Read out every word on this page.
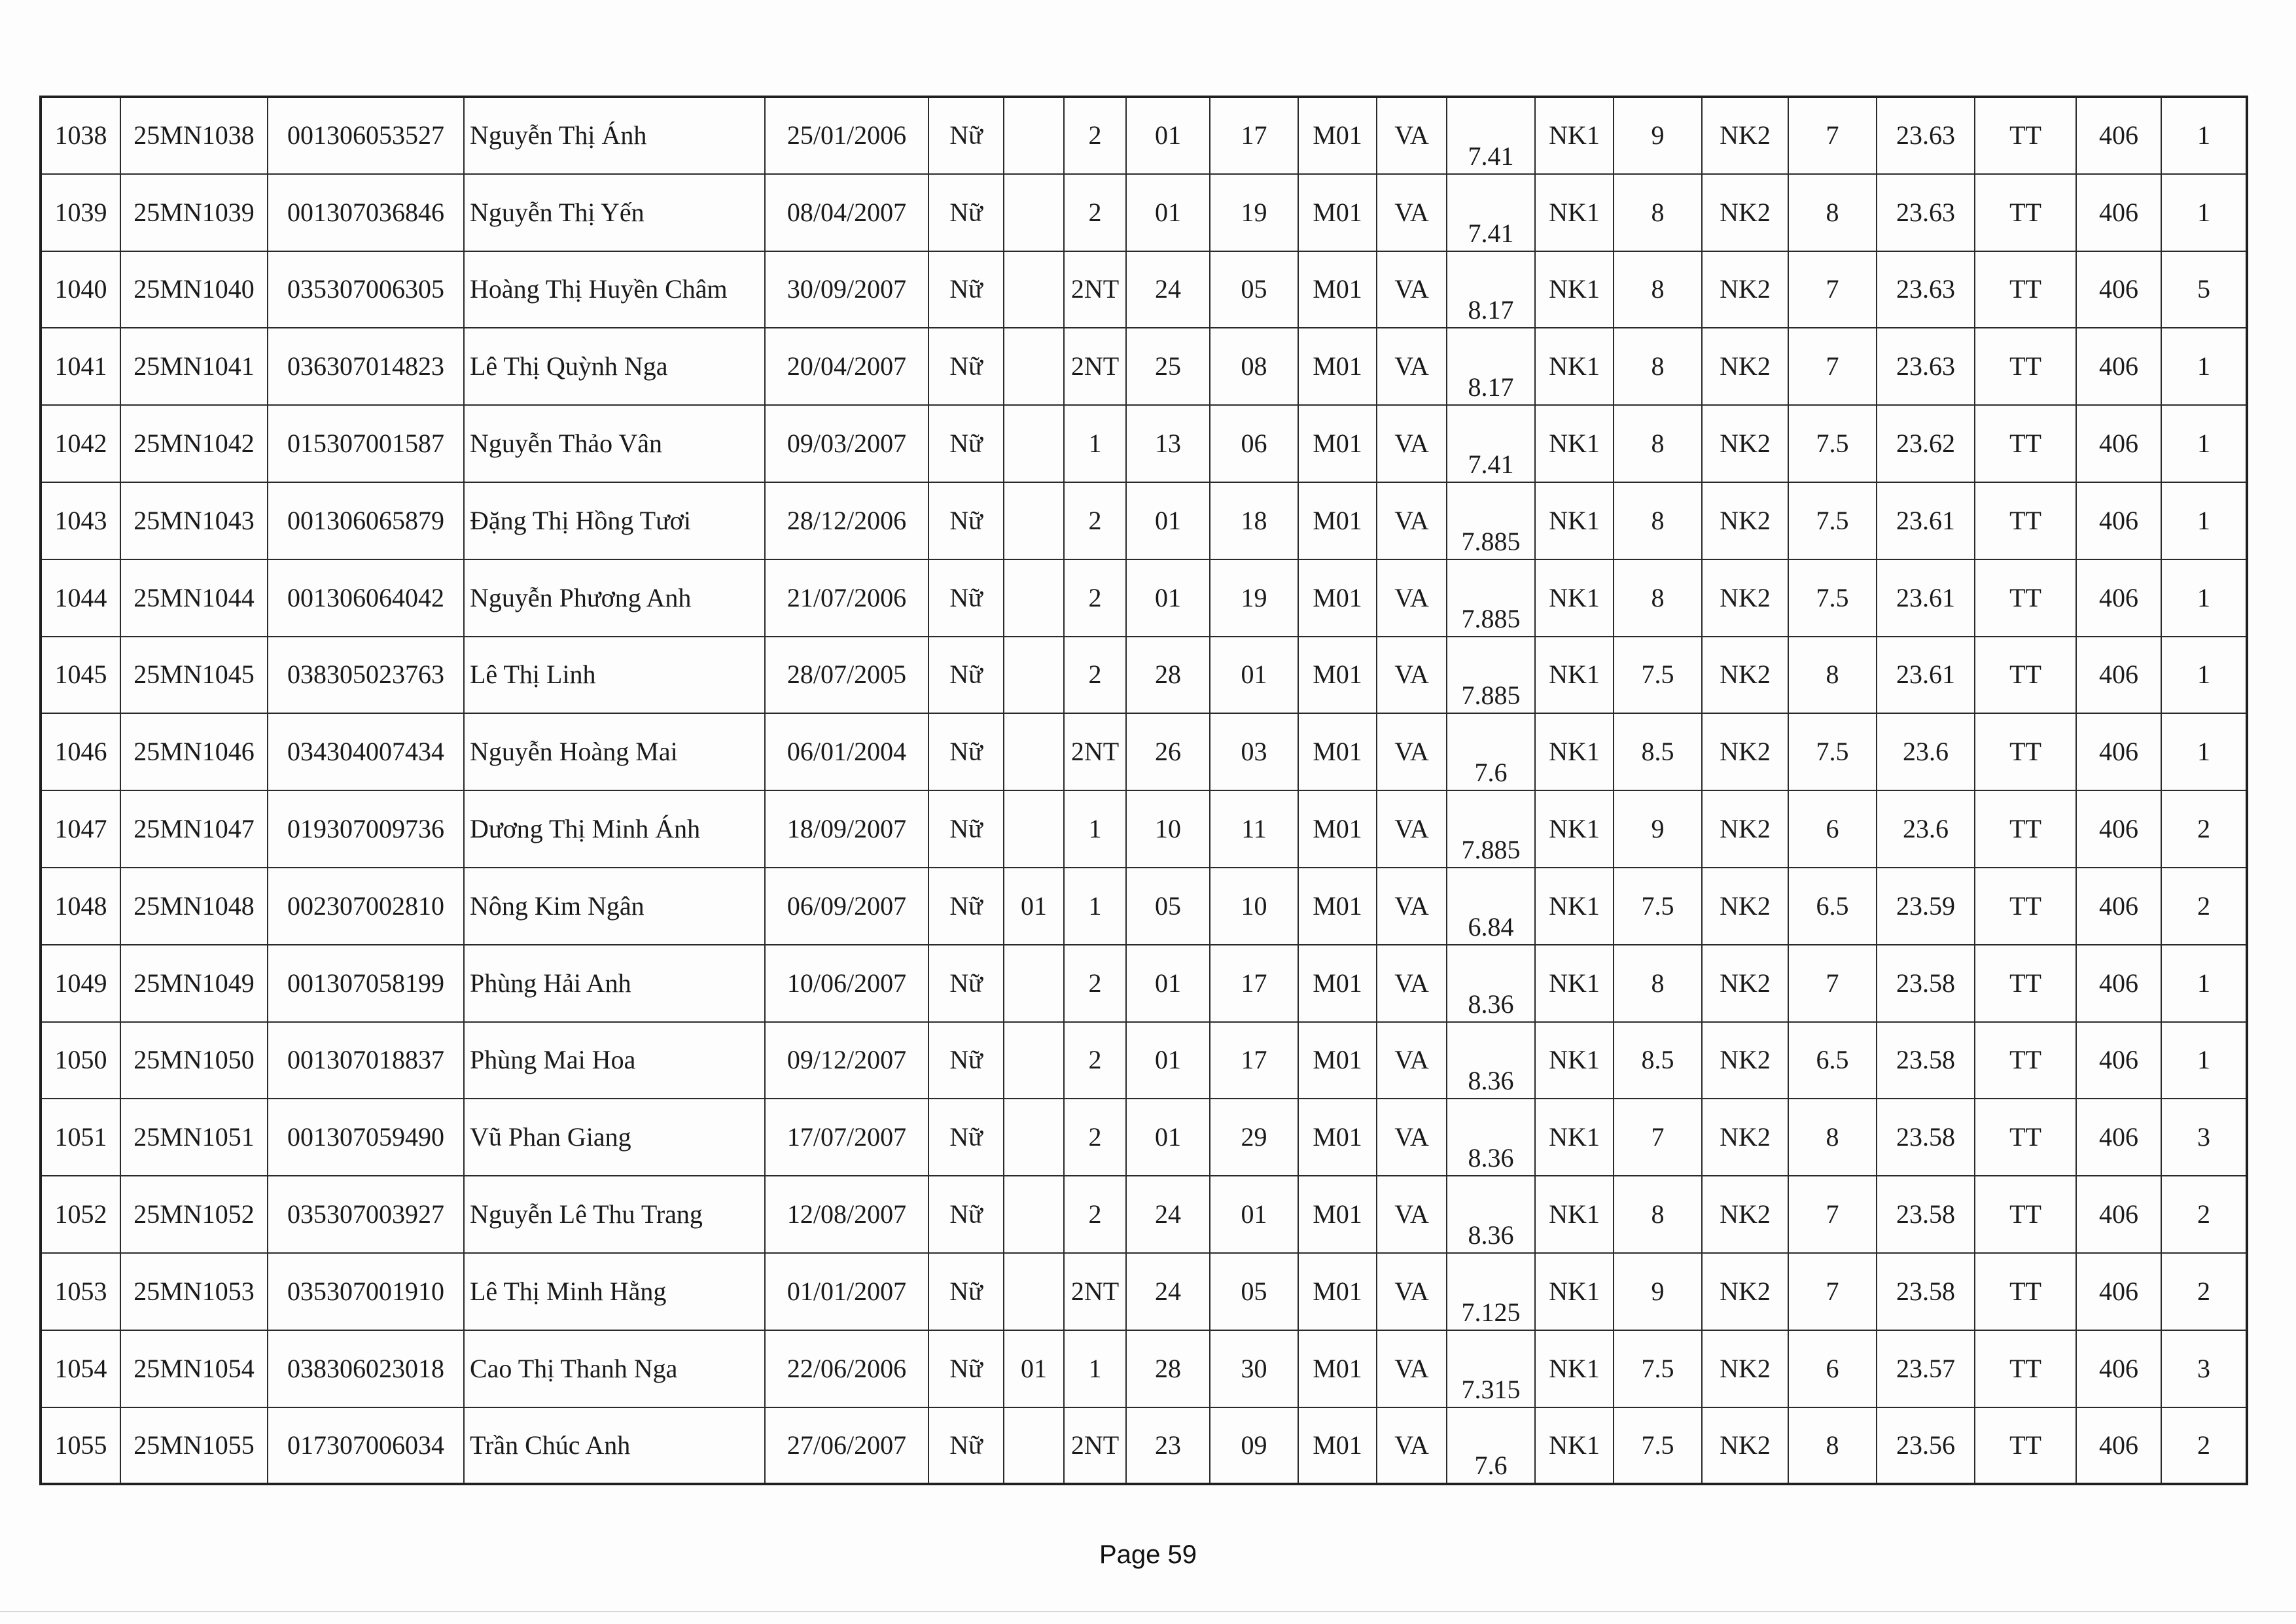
1038	25MN1038	001306053527	Nguyễn Thị Ánh	25/01/2006	Nữ		2	01	17	M01	VA	7.41	NK1	9	NK2	7	23.63	TT	406	1
1039	25MN1039	001307036846	Nguyễn Thị Yến	08/04/2007	Nữ		2	01	19	M01	VA	7.41	NK1	8	NK2	8	23.63	TT	406	1
1040	25MN1040	035307006305	Hoàng Thị Huyền Châm	30/09/2007	Nữ		2NT	24	05	M01	VA	8.17	NK1	8	NK2	7	23.63	TT	406	5
1041	25MN1041	036307014823	Lê Thị Quỳnh Nga	20/04/2007	Nữ		2NT	25	08	M01	VA	8.17	NK1	8	NK2	7	23.63	TT	406	1
1042	25MN1042	015307001587	Nguyễn Thảo Vân	09/03/2007	Nữ		1	13	06	M01	VA	7.41	NK1	8	NK2	7.5	23.62	TT	406	1
1043	25MN1043	001306065879	Đặng Thị Hồng Tươi	28/12/2006	Nữ		2	01	18	M01	VA	7.885	NK1	8	NK2	7.5	23.61	TT	406	1
1044	25MN1044	001306064042	Nguyễn Phương Anh	21/07/2006	Nữ		2	01	19	M01	VA	7.885	NK1	8	NK2	7.5	23.61	TT	406	1
1045	25MN1045	038305023763	Lê Thị Linh	28/07/2005	Nữ		2	28	01	M01	VA	7.885	NK1	7.5	NK2	8	23.61	TT	406	1
1046	25MN1046	034304007434	Nguyễn Hoàng Mai	06/01/2004	Nữ		2NT	26	03	M01	VA	7.6	NK1	8.5	NK2	7.5	23.6	TT	406	1
1047	25MN1047	019307009736	Dương Thị Minh Ánh	18/09/2007	Nữ		1	10	11	M01	VA	7.885	NK1	9	NK2	6	23.6	TT	406	2
1048	25MN1048	002307002810	Nông Kim Ngân	06/09/2007	Nữ	01	1	05	10	M01	VA	6.84	NK1	7.5	NK2	6.5	23.59	TT	406	2
1049	25MN1049	001307058199	Phùng Hải Anh	10/06/2007	Nữ		2	01	17	M01	VA	8.36	NK1	8	NK2	7	23.58	TT	406	1
1050	25MN1050	001307018837	Phùng Mai Hoa	09/12/2007	Nữ		2	01	17	M01	VA	8.36	NK1	8.5	NK2	6.5	23.58	TT	406	1
1051	25MN1051	001307059490	Vũ Phan Giang	17/07/2007	Nữ		2	01	29	M01	VA	8.36	NK1	7	NK2	8	23.58	TT	406	3
1052	25MN1052	035307003927	Nguyễn Lê Thu Trang	12/08/2007	Nữ		2	24	01	M01	VA	8.36	NK1	8	NK2	7	23.58	TT	406	2
1053	25MN1053	035307001910	Lê Thị Minh Hằng	01/01/2007	Nữ		2NT	24	05	M01	VA	7.125	NK1	9	NK2	7	23.58	TT	406	2
1054	25MN1054	038306023018	Cao Thị Thanh Nga	22/06/2006	Nữ	01	1	28	30	M01	VA	7.315	NK1	7.5	NK2	6	23.57	TT	406	3
1055	25MN1055	017307006034	Trần Chúc Anh	27/06/2007	Nữ		2NT	23	09	M01	VA	7.6	NK1	7.5	NK2	8	23.56	TT	406	2
Page 59
